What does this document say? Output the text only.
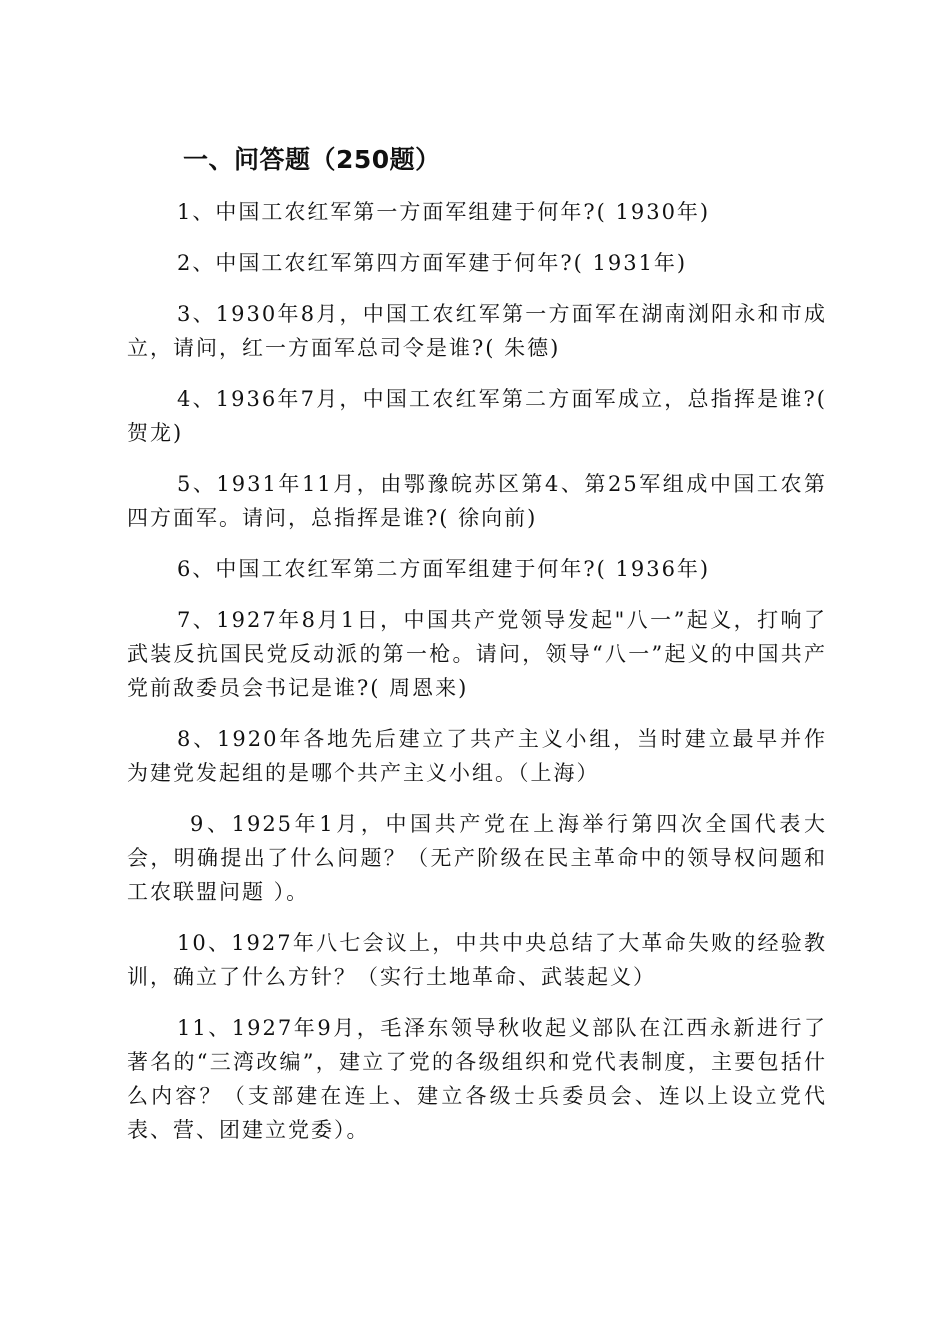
一、问答题（250题）

1、中国工农红军第一方面军组建于何年?( 1930年)

2、中国工农红军第四方面军建于何年?( 1931年)

3、1930年8月，中国工农红军第一方面军在湖南浏阳永和市成立，请问，红一方面军总司令是谁?( 朱德)

4、1936年7月，中国工农红军第二方面军成立，总指挥是谁?( 贺龙)

5、1931年11月，由鄂豫皖苏区第4、第25军组成中国工农第四方面军。请问，总指挥是谁?( 徐向前)

6、中国工农红军第二方面军组建于何年?( 1936年)

7、1927年8月1日，中国共产党领导发起"八一”起义，打响了武装反抗国民党反动派的第一枪。请问，领导“八一”起义的中国共产党前敌委员会书记是谁?( 周恩来)

8、1920年各地先后建立了共产主义小组，当时建立最早并作为建党发起组的是哪个共产主义小组。（上海）

9、1925年1月，中国共产党在上海举行第四次全国代表大会，明确提出了什么问题？（无产阶级在民主革命中的领导权问题和工农联盟问题 ）。

10、1927年八七会议上，中共中央总结了大革命失败的经验教训，确立了什么方针？（实行土地革命、武装起义）

11、1927年9月，毛泽东领导秋收起义部队在江西永新进行了著名的“三湾改编”，建立了党的各级组织和党代表制度，主要包括什么内容？（支部建在连上、建立各级士兵委员会、连以上设立党代表、营、团建立党委）。
